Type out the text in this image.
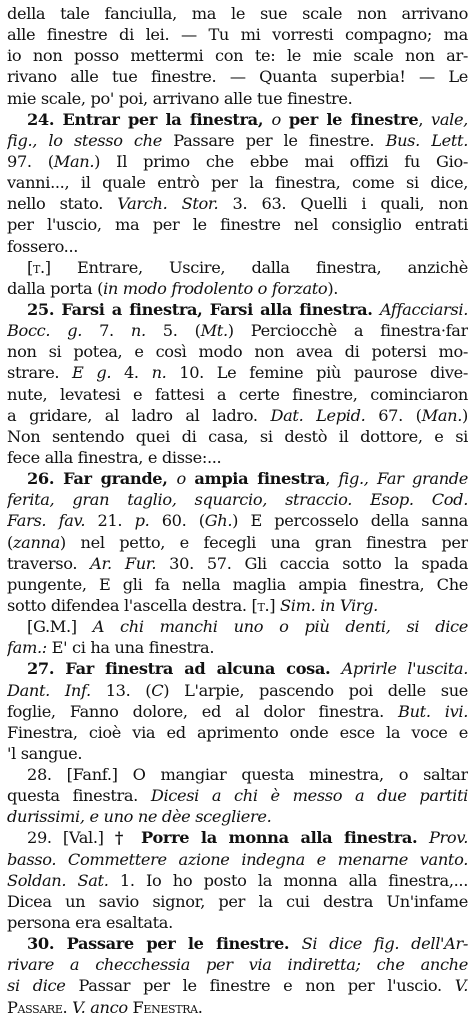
della tale fanciulla, ma le sue scale non arrivano
alle finestre di lei. — Tu mi vorresti compagno; ma
io non posso mettermi con te: le mie scale non ar-
rivano alle tue finestre. — Quanta superbia! — Le
mie scale, po' poi, arrivano alle tue finestre.
24. Entrar per la finestra, o per le finestre, vale,
fig., lo stesso che Passare per le finestre. Bus. Lett.
97. (Man.) Il primo che ebbe mai offizi fu Gio-
vanni..., il quale entrò per la finestra, come si dice,
nello stato. Varch. Stor. 3. 63. Quelli i quali, non
per l'uscio, ma per le finestre nel consiglio entrati
fossero...
[t.] Entrare, Uscire, dalla finestra, anzichè
dalla porta (in modo frodolento o forzato).
25. Farsi a finestra, Farsi alla finestra. Affacciarsi.
Bocc. g. 7. n. 5. (Mt.) Perciocchè a finestra·far
non si potea, e così modo non avea di potersi mo-
strare. E g. 4. n. 10. Le femine più paurose dive-
nute, levatesi e fattesi a certe finestre, cominciaron
a gridare, al ladro al ladro. Dat. Lepid. 67. (Man.)
Non sentendo quei di casa, si destò il dottore, e si
fece alla finestra, e disse:...
26. Far grande, o ampia finestra, fig., Far grande
ferita, gran taglio, squarcio, straccio. Esop. Cod.
Fars. fav. 21. p. 60. (Gh.) E percosselo della sanna
(zanna) nel petto, e fecegli una gran finestra per
traverso. Ar. Fur. 30. 57. Gli caccia sotto la spada
pungente, E gli fa nella maglia ampia finestra, Che
sotto difendea l'ascella destra. [t.] Sim. in Virg.
[G.M.] A chi manchi uno o più denti, si dice
fam.: E' ci ha una finestra.
27. Far finestra ad alcuna cosa. Aprirle l'uscita.
Dant. Inf. 13. (C) L'arpie, pascendo poi delle sue
foglie, Fanno dolore, ed al dolor finestra. But. ivi.
Finestra, cioè via ed aprimento onde esce la voce e
'l sangue.
28. [Fanf.] O mangiar questa minestra, o saltar
questa finestra. Dicesi a chi è messo a due partiti
durissimi, e uno ne dèe scegliere.
29. [Val.] † Porre la monna alla finestra. Prov.
basso. Commettere azione indegna e menarne vanto.
Soldan. Sat. 1. Io ho posto la monna alla finestra,...
Dicea un savio signor, per la cui destra Un'infame
persona era esaltata.
30. Passare per le finestre. Si dice fig. dell'Ar-
rivare a checchessia per via indiretta; che anche
si dice Passar per le finestre e non per l'uscio. V.
Passare. V. anco Fenestra.
